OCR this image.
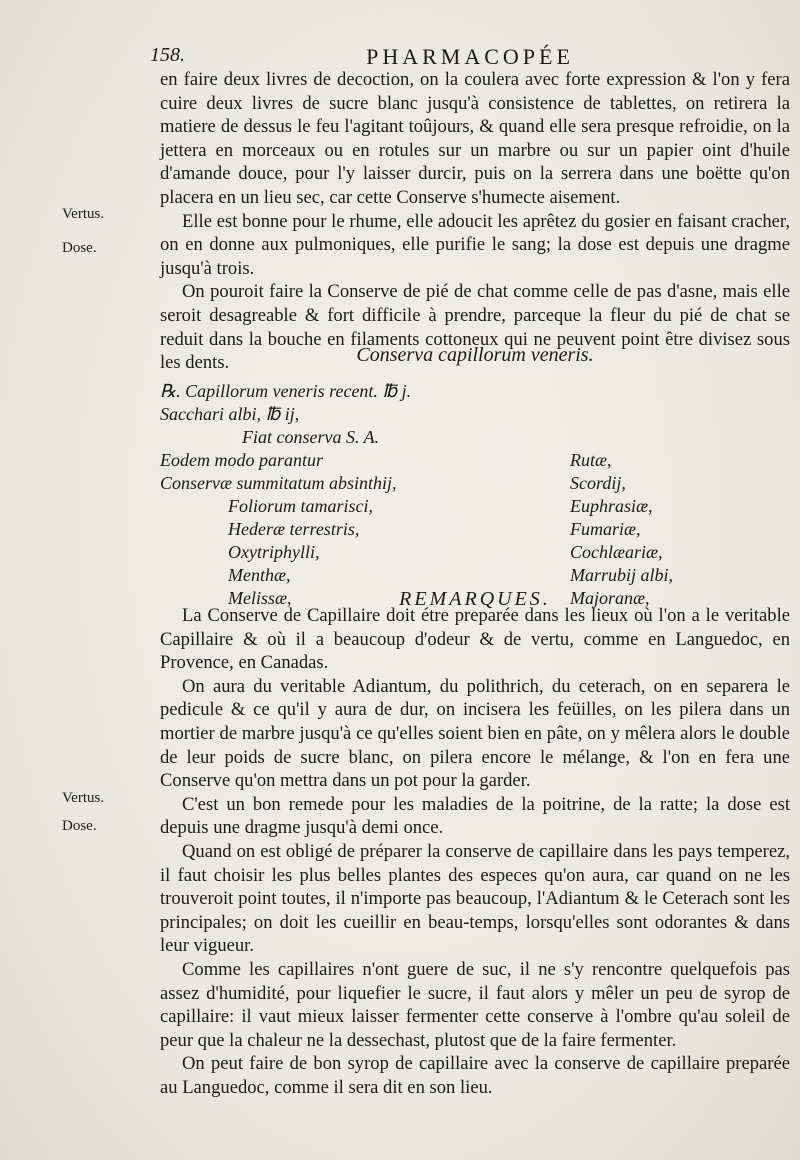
158.	PHARMACOPÉE
Vertus.
Dose.

en faire deux livres de decoction, on la coulera avec forte expression & l'on y fera cuire deux livres de sucre blanc jusqu'à consistence de tablettes, on retirera la matiere de dessus le feu l'agitant toûjours, & quand elle sera presque refroidie, on la jettera en morceaux ou en rotules sur un marbre ou sur un papier oint d'huile d'amande douce, pour l'y laisser durcir, puis on la serrera dans une boëtte qu'on placera en un lieu sec, car cette Conserve s'humecte aisement.

Elle est bonne pour le rhume, elle adoucit les aprêtez du gosier en faisant cracher, on en donne aux pulmoniques, elle purifie le sang; la dose est depuis une dragme jusqu'à trois.

On pouroit faire la Conserve de pié de chat comme celle de pas d'asne, mais elle seroit desagreable & fort difficile à prendre, parceque la fleur du pié de chat se reduit dans la bouche en filaments cottoneux qui ne peuvent point être divisez sous les dents.	Conserva capillorum veneris.
℞. Capillorum veneris recent. ℔ j.
Sacchari albi, ℔ ij,
Fiat conserva S. A.
Eodem modo parantur
Conservæ summitatum absinthij,
Foliorum tamarisci,
Hederæ terrestris,
Oxytriphylli,
Menthæ,
Melissæ,
Rutæ,
Scordij,
Euphrasiæ,
Fumariæ,
Cochlæariæ,
Marrubij albi,
Majoranæ,
REMARQUES.
Vertus.
Dose.

La Conserve de Capillaire doit étre preparée dans les lieux où l'on a le veritable Capillaire & où il a beaucoup d'odeur & de vertu, comme en Languedoc, en Provence, en Canadas.

On aura du veritable Adiantum, du polithrich, du ceterach, on en separera le pedicule & ce qu'il y aura de dur, on incisera les feüilles, on les pilera dans un mortier de marbre jusqu'à ce qu'elles soient bien en pâte, on y mêlera alors le double de leur poids de sucre blanc, on pilera encore le mélange, & l'on en fera une Conserve qu'on mettra dans un pot pour la garder.

C'est un bon remede pour les maladies de la poitrine, de la ratte; la dose est depuis une dragme jusqu'à demi once.

Quand on est obligé de préparer la conserve de capillaire dans les pays temperez, il faut choisir les plus belles plantes des especes qu'on aura, car quand on ne les trouveroit point toutes, il n'importe pas beaucoup, l'Adiantum & le Ceterach sont les principales; on doit les cueillir en beau-temps, lorsqu'elles sont odorantes & dans leur vigueur.

Comme les capillaires n'ont guere de suc, il ne s'y rencontre quelquefois pas assez d'humidité, pour liquefier le sucre, il faut alors y mêler un peu de syrop de capillaire: il vaut mieux laisser fermenter cette conserve à l'ombre qu'au soleil de peur que la chaleur ne la dessechast, plutost que de la faire fermenter.

On peut faire de bon syrop de capillaire avec la conserve de capillaire preparée au Languedoc, comme il sera dit en son lieu.
